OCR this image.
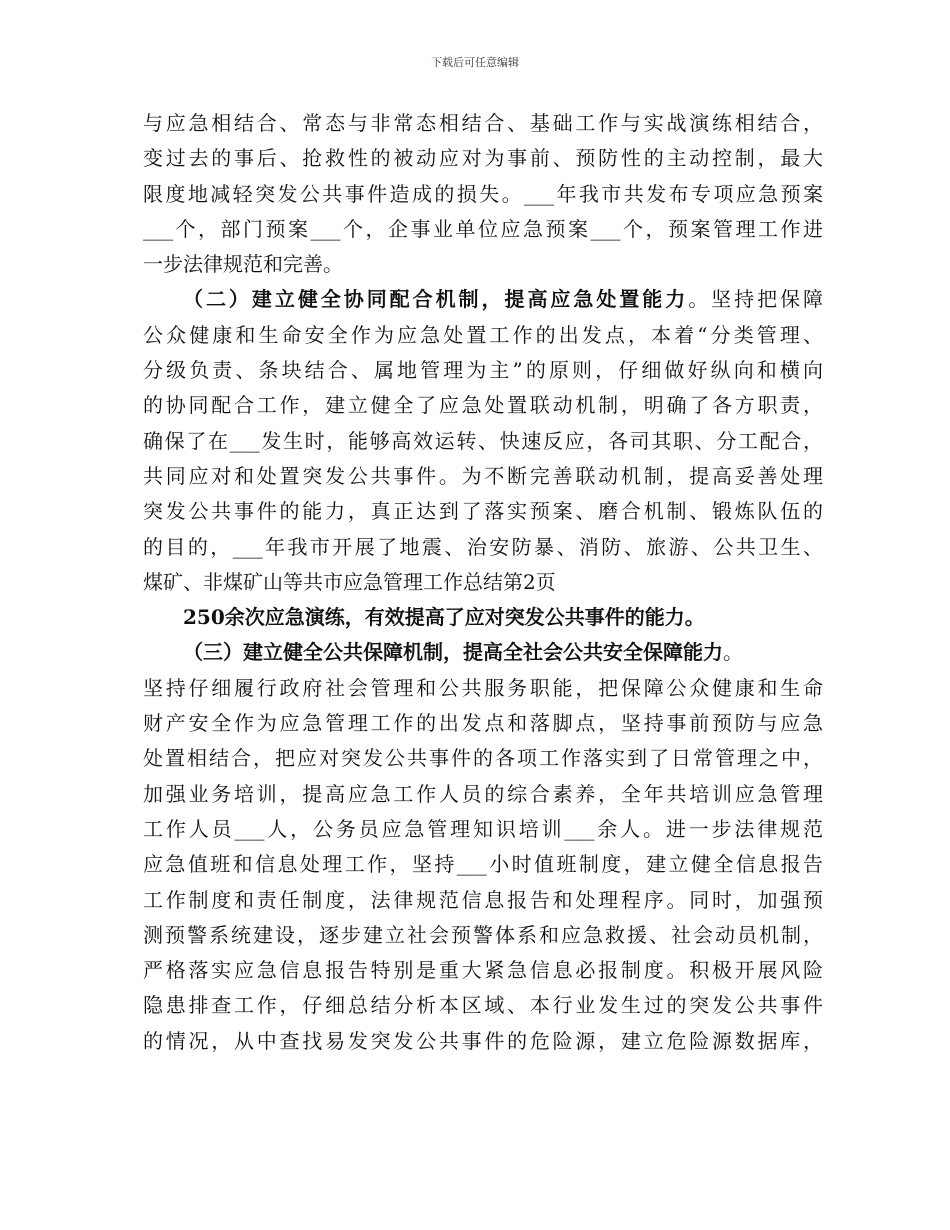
下载后可任意编辑
与应急相结合、常态与非常态相结合、基础工作与实战演练相结合，
变过去的事后、抢救性的被动应对为事前、预防性的主动控制，最大
限度地减轻突发公共事件造成的损失。___年我市共发布专项应急预案
___个，部门预案___个，企事业单位应急预案___个，预案管理工作进
一步法律规范和完善。
（二）建立健全协同配合机制，提高应急处置能力。坚持把保障
公众健康和生命安全作为应急处置工作的出发点，本着“分类管理、
分级负责、条块结合、属地管理为主”的原则，仔细做好纵向和横向
的协同配合工作，建立健全了应急处置联动机制，明确了各方职责，
确保了在___发生时，能够高效运转、快速反应，各司其职、分工配合，
共同应对和处置突发公共事件。为不断完善联动机制，提高妥善处理
突发公共事件的能力，真正达到了落实预案、磨合机制、锻炼队伍的
的目的，___年我市开展了地震、治安防暴、消防、旅游、公共卫生、
煤矿、非煤矿山等共市应急管理工作总结第2页
250余次应急演练，有效提高了应对突发公共事件的能力。
（三）建立健全公共保障机制，提高全社会公共安全保障能力。
坚持仔细履行政府社会管理和公共服务职能，把保障公众健康和生命
财产安全作为应急管理工作的出发点和落脚点，坚持事前预防与应急
处置相结合，把应对突发公共事件的各项工作落实到了日常管理之中，
加强业务培训，提高应急工作人员的综合素养，全年共培训应急管理
工作人员___人，公务员应急管理知识培训___余人。进一步法律规范
应急值班和信息处理工作，坚持___小时值班制度，建立健全信息报告
工作制度和责任制度，法律规范信息报告和处理程序。同时，加强预
测预警系统建设，逐步建立社会预警体系和应急救援、社会动员机制，
严格落实应急信息报告特别是重大紧急信息必报制度。积极开展风险
隐患排查工作，仔细总结分析本区域、本行业发生过的突发公共事件
的情况，从中查找易发突发公共事件的危险源，建立危险源数据库，
